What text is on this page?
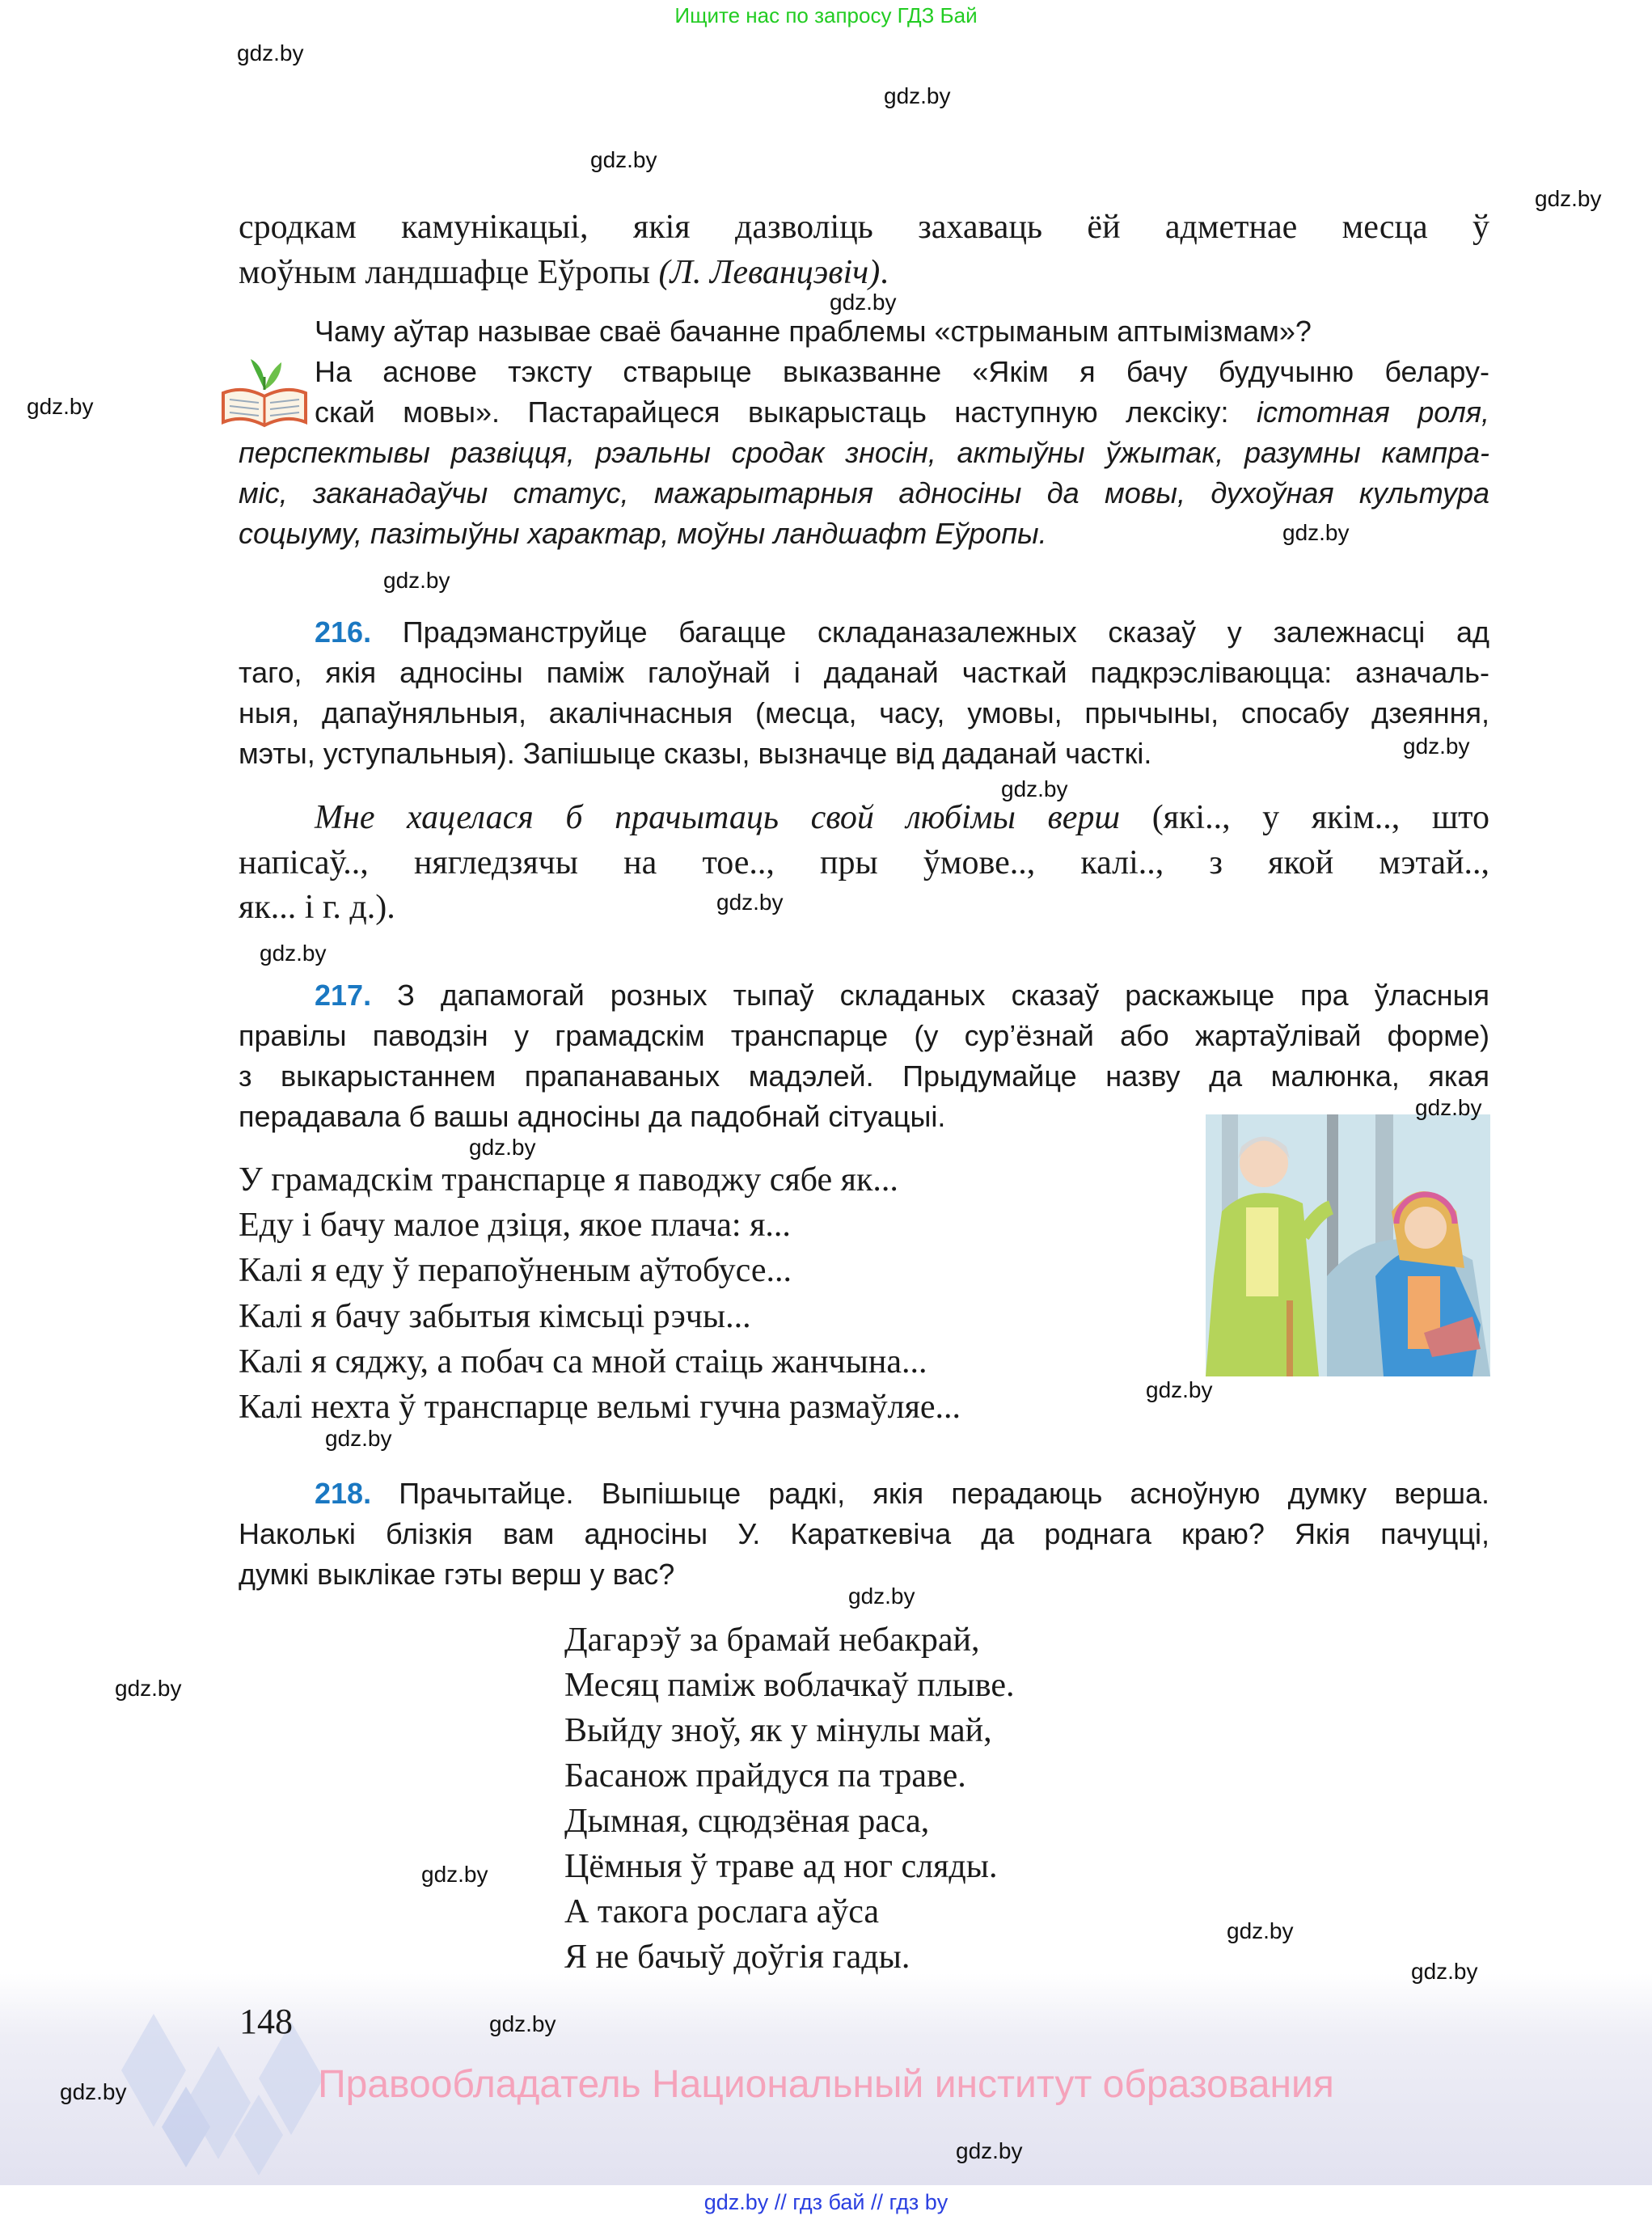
Ищите нас по запросу ГДЗ Бай
сродкам камунікацыі, якія дазволіць захаваць ёй адметнае месца ў
моўным ландшафце Еўропы (Л. Леванцэвіч).
Чаму аўтар называе сваё бачанне праблемы «стрыманым аптымізмам»?
На аснове тэксту стварыце выказванне «Якім я бачу будучыню белару-
скай мовы». Пастарайцеся выкарыстаць наступную лексіку: істотная роля,
перспектывы развіцця, рэальны сродак зносін, актыўны ўжытак, разумны кампра-
міс, заканадаўчы статус, мажарытарныя адносіны да мовы, духоўная культура
соцыуму, пазітыўны характар, моўны ландшафт Еўропы.
216. Прадэманструйце багацце складаназалежных сказаў у залежнасці ад
таго, якія адносіны паміж галоўнай і даданай часткай падкрэсліваюцца: азначаль-
ныя, дапаўняльныя, акалічнасныя (месца, часу, умовы, прычыны, спосабу дзеяння,
мэты, уступальныя). Запішыце сказы, вызначце від даданай часткі.
Мне хацелася б прачытаць свой любімы верш (які.., у якім.., што
напісаў.., нягледзячы на тое.., пры ўмове.., калі.., з якой мэтай..,
як... і г. д.).
217. З дапамогай розных тыпаў складаных сказаў раскажыце пра ўласныя
правілы паводзін у грамадскім транспарце (у сур’ёзнай або жартаўлівай форме)
з выкарыстаннем прапанаваных мадэлей. Прыдумайце назву да малюнка, якая
перадавала б вашы адносіны да падобнай сітуацыі.
У грамадскім транспарце я паводжу сябе як...
Еду і бачу малое дзіця, якое плача: я...
Калі я еду ў перапоўненым аўтобусе...
Калі я бачу забытыя кімсьці рэчы...
Калі я сяджу, а побач са мной стаіць жанчына...
Калі нехта ў транспарце вельмі гучна размаўляе...
218. Прачытайце. Выпішыце радкі, якія перадаюць асноўную думку верша.
Наколькі блізкія вам адносіны У. Караткевіча да роднага краю? Якія пачуцці,
думкі выклікае гэты верш у вас?
Дагарэў за брамай небакрай,
Месяц паміж воблачкаў плыве.
Выйду зноў, як у мінулы май,
Басанож прайдуся па траве.
Дымная, сцюдзёная раса,
Цёмныя ў траве ад ног сляды.
А такога рослага аўса
Я не бачыў доўгія гады.
148
Правообладатель Национальный институт образования
gdz.by // гдз бай // гдз by
gdz.by
gdz.by
gdz.by
gdz.by
gdz.by
gdz.by
gdz.by
gdz.by
gdz.by
gdz.by
gdz.by
gdz.by
gdz.by
gdz.by
gdz.by
gdz.by
gdz.by
gdz.by
gdz.by
gdz.by
gdz.by
gdz.by
gdz.by
gdz.by
